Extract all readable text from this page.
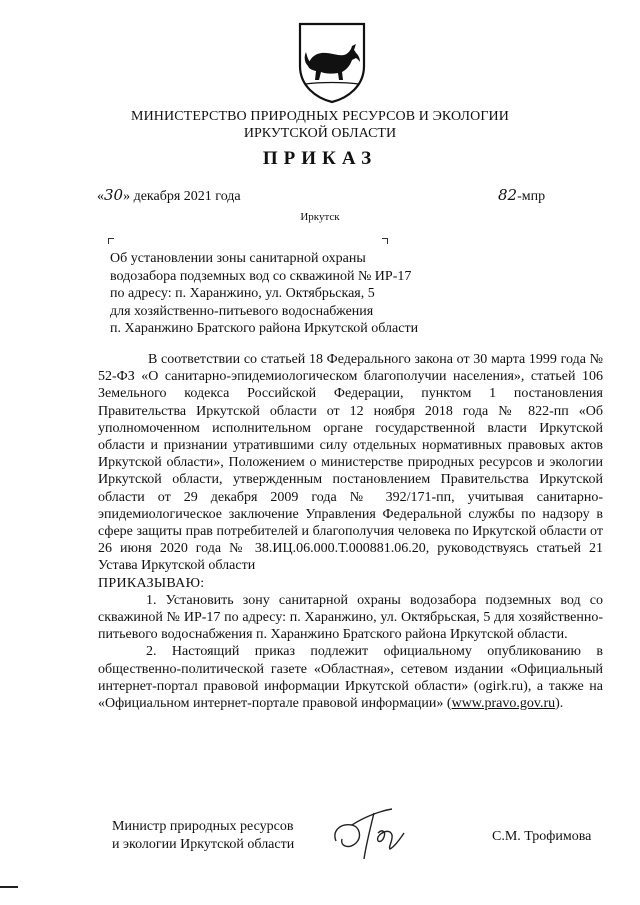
МИНИСТЕРСТВО ПРИРОДНЫХ РЕСУРСОВ И ЭКОЛОГИИ
ИРКУТСКОЙ ОБЛАСТИ
ПРИКАЗ
«30» декабря 2021 года	82-мпр
Иркутск
Об установлении зоны санитарной охраны
водозабора подземных вод со скважиной № ИР-17
по адресу: п. Харанжино, ул. Октябрьская, 5
для хозяйственно-питьевого водоснабжения
п. Харанжино Братского района Иркутской области

В соответствии со статьей 18 Федерального закона от 30 марта 1999 года № 52-ФЗ «О санитарно-эпидемиологическом благополучии населения», статьей 106 Земельного кодекса Российской Федерации, пунктом 1 постановления Правительства Иркутской области от 12 ноября 2018 года № 822-пп «Об уполномоченном исполнительном органе государственной власти Иркутской области и признании утратившими силу отдельных нормативных правовых актов Иркутской области», Положением о министерстве природных ресурсов и экологии Иркутской области, утвержденным постановлением Правительства Иркутской области от 29 декабря 2009 года № 392/171-пп, учитывая санитарно-эпидемиологическое заключение Управления Федеральной службы по надзору в сфере защиты прав потребителей и благополучия человека по Иркутской области от 26 июня 2020 года № 38.ИЦ.06.000.Т.000881.06.20, руководствуясь статьей 21 Устава Иркутской области

ПРИКАЗЫВАЮ:

1. Установить зону санитарной охраны водозабора подземных вод со скважиной № ИР-17 по адресу: п. Харанжино, ул. Октябрьская, 5 для хозяйственно-питьевого водоснабжения п. Харанжино Братского района Иркутской области.

2. Настоящий приказ подлежит официальному опубликованию в общественно-политической газете «Областная», сетевом издании «Официальный интернет-портал правовой информации Иркутской области» (ogirk.ru), а также на «Официальном интернет-портале правовой информации» (www.pravo.gov.ru).

Министр природных ресурсов
и экологии Иркутской области
С.М. Трофимова
